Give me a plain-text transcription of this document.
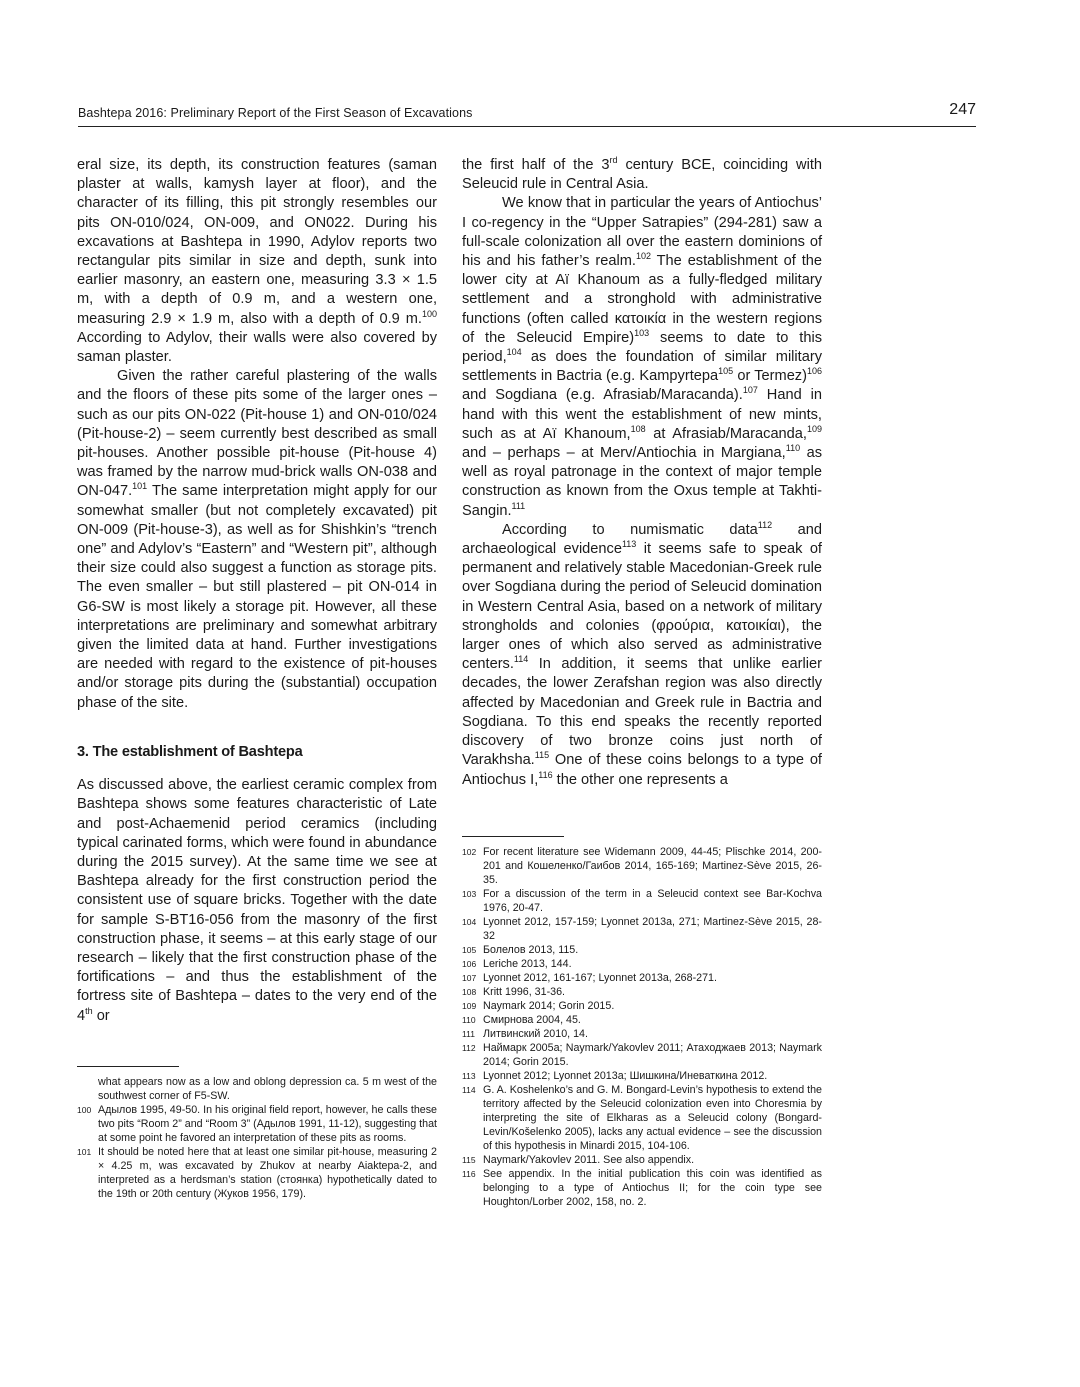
Bashtepa 2016: Preliminary Report of the First Season of Excavations	247

eral size, its depth, its construction features (saman plaster at walls, kamysh layer at floor), and the character of its filling, this pit strongly resembles our pits ON-010/024, ON-009, and ON022. During his excavations at Bashtepa in 1990, Adylov reports two rectangular pits similar in size and depth, sunk into earlier masonry, an eastern one, measuring 3.3 × 1.5 m, with a depth of 0.9 m, and a western one, measuring 2.9 × 1.9 m, also with a depth of 0.9 m.$^{100}$ According to Adylov, their walls were also covered by saman plaster.

Given the rather careful plastering of the walls and the floors of these pits some of the larger ones – such as our pits ON-022 (Pit-house 1) and ON-010/024 (Pit-house-2) – seem currently best described as small pit-houses. Another possible pit-house (Pit-house 4) was framed by the narrow mud-brick walls ON-038 and ON-047.$^{101}$ The same interpretation might apply for our somewhat smaller (but not completely excavated) pit ON-009 (Pit-house-3), as well as for Shishkin’s “trench one” and Adylov’s “Eastern” and “Western pit”, although their size could also suggest a function as storage pits. The even smaller – but still plastered – pit ON-014 in G6-SW is most likely a storage pit. However, all these interpretations are preliminary and somewhat arbitrary given the limited data at hand. Further investigations are needed with regard to the existence of pit-houses and/or storage pits during the (substantial) occupation phase of the site.

3. The establishment of Bashtepa

As discussed above, the earliest ceramic complex from Bashtepa shows some features characteristic of Late and post-Achaemenid period ceramics (including typical carinated forms, which were found in abundance during the 2015 survey). At the same time we see at Bashtepa already for the first construction period the consistent use of square bricks. Together with the date for sample S-BT16-056 from the masonry of the first construction phase, it seems – at this early stage of our research – likely that the first construction phase of the fortifications – and thus the establishment of the fortress site of Bashtepa – dates to the very end of the 4th or

the first half of the 3rd century BCE, coinciding with Seleucid rule in Central Asia.

We know that in particular the years of Antiochus’ I co-regency in the “Upper Satrapies” (294-281) saw a full-scale colonization all over the eastern dominions of his and his father’s realm.$^{102}$ The establishment of the lower city at Aï Khanoum as a fully-fledged military settlement and a stronghold with administrative functions (often called κατοικία in the western regions of the Seleucid Empire)$^{103}$ seems to date to this period,$^{104}$ as does the foundation of similar military settlements in Bactria (e.g. Kampyrtepa$^{105}$ or Termez)$^{106}$ and Sogdiana (e.g. Afrasiab/Maracanda).$^{107}$ Hand in hand with this went the establishment of new mints, such as at Aï Khanoum,$^{108}$ at Afrasiab/Maracanda,$^{109}$ and – perhaps – at Merv/Antiochia in Margiana,$^{110}$ as well as royal patronage in the context of major temple construction as known from the Oxus temple at Takhti-Sangin.$^{111}$

According to numismatic data$^{112}$ and archaeological evidence$^{113}$ it seems safe to speak of permanent and relatively stable Macedonian-Greek rule over Sogdiana during the period of Seleucid domination in Western Central Asia, based on a network of military strongholds and colonies (φρούρια, κατοικίαι), the larger ones of which also served as administrative centers.$^{114}$ In addition, it seems that unlike earlier decades, the lower Zerafshan region was also directly affected by Macedonian and Greek rule in Bactria and Sogdiana. To this end speaks the recently reported discovery of two bronze coins just north of Varakhsha.$^{115}$ One of these coins belongs to a type of Antiochus I,$^{116}$ the other one represents a

what appears now as a low and oblong depression ca. 5 m west of the southwest corner of F5-SW.

100 Адылов 1995, 49-50. In his original field report, however, he calls these two pits “Room 2” and “Room 3” (Адылов 1991, 11-12), suggesting that at some point he favored an interpretation of these pits as rooms.

101 It should be noted here that at least one similar pit-house, measuring 2 × 4.25 m, was excavated by Zhukov at nearby Aiaktepa-2, and interpreted as a herdsman’s station (стоянка) hypothetically dated to the 19th or 20th century (Жуков 1956, 179).

102 For recent literature see Widemann 2009, 44-45; Plischke 2014, 200-201 and Кошеленко/Гаибов 2014, 165-169; Martinez-Sève 2015, 26-35.

103 For a discussion of the term in a Seleucid context see Bar-Kochva 1976, 20-47.

104 Lyonnet 2012, 157-159; Lyonnet 2013a, 271; Martinez-Sève 2015, 28-32

105 Болелов 2013, 115.

106 Leriche 2013, 144.

107 Lyonnet 2012, 161-167; Lyonnet 2013a, 268-271.

108 Kritt 1996, 31-36.

109 Naymark 2014; Gorin 2015.

110 Смирнова 2004, 45.

111 Литвинский 2010, 14.

112 Наймарк 2005а; Naymark/Yakovlev 2011; Атаходжаев 2013; Naymark 2014; Gorin 2015.

113 Lyonnet 2012; Lyonnet 2013a; Шишкина/Иневаткина 2012.

114 G. A. Koshelenko’s and G. M. Bongard-Levin’s hypothesis to extend the territory affected by the Seleucid colonization even into Choresmia by interpreting the site of Elkharas as a Seleucid colony (Bongard-Levin/Košelenko 2005), lacks any actual evidence – see the discussion of this hypothesis in Minardi 2015, 104-106.

115 Naymark/Yakovlev 2011. See also appendix.

116 See appendix. In the initial publication this coin was identified as belonging to a type of Antiochus II; for the coin type see Houghton/Lorber 2002, 158, no. 2.
